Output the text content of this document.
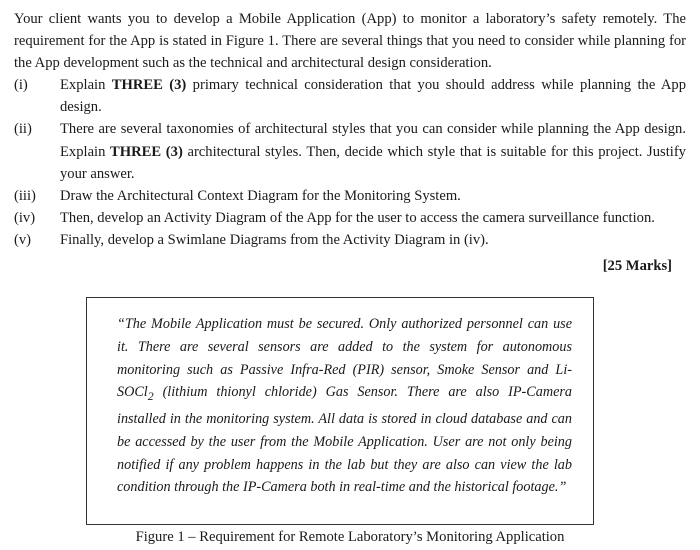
Your client wants you to develop a Mobile Application (App) to monitor a laboratory’s safety remotely. The requirement for the App is stated in Figure 1. There are several things that you need to consider while planning for the App development such as the technical and architectural design consideration.

(i)	Explain THREE (3) primary technical consideration that you should address while planning the App design.
(ii)	There are several taxonomies of architectural styles that you can consider while planning the App design. Explain THREE (3) architectural styles. Then, decide which style that is suitable for this project. Justify your answer.
(iii)	Draw the Architectural Context Diagram for the Monitoring System.
(iv)	Then, develop an Activity Diagram of the App for the user to access the camera surveillance function.
(v)	Finally, develop a Swimlane Diagrams from the Activity Diagram in (iv).
[25 Marks]

“The Mobile Application must be secured. Only authorized personnel can use it. There are several sensors are added to the system for autonomous monitoring such as Passive Infra-Red (PIR) sensor, Smoke Sensor and Li-SOCl$_2$ (lithium thionyl chloride) Gas Sensor. There are also IP-Camera installed in the monitoring system. All data is stored in cloud database and can be accessed by the user from the Mobile Application. User are not only being notified if any problem happens in the lab but they are also can view the lab condition through the IP-Camera both in real-time and the historical footage.”

Figure 1 – Requirement for Remote Laboratory’s Monitoring Application
